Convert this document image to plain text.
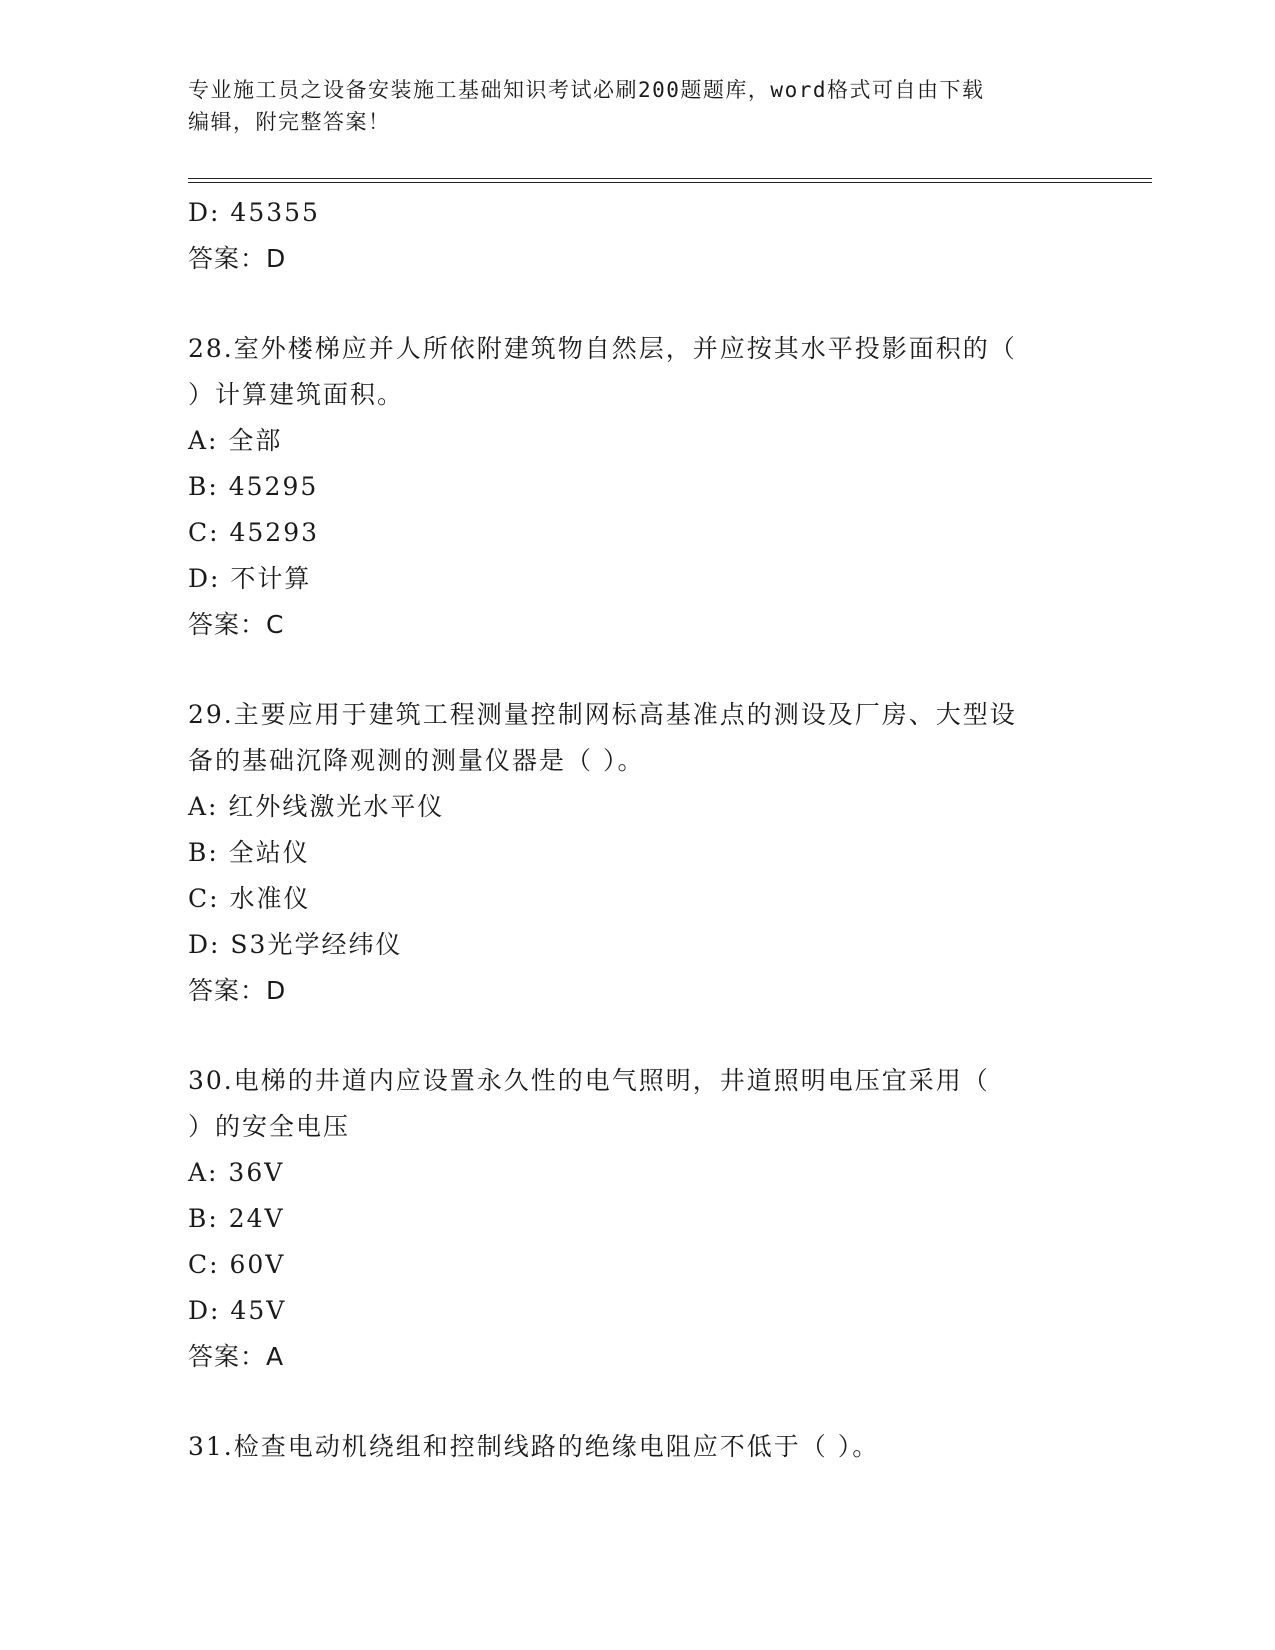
专业施工员之设备安装施工基础知识考试必刷200题题库，word格式可自由下载
编辑，附完整答案！
D: 45355
答案：D
28.室外楼梯应并人所依附建筑物自然层，并应按其水平投影面积的（
）计算建筑面积。
A: 全部
B: 45295
C: 45293
D: 不计算
答案：C
29.主要应用于建筑工程测量控制网标高基准点的测设及厂房、大型设
备的基础沉降观测的测量仪器是（ ）。
A: 红外线激光水平仪
B: 全站仪
C: 水准仪
D: S3光学经纬仪
答案：D
30.电梯的井道内应设置永久性的电气照明，井道照明电压宜采用（
）的安全电压
A: 36V
B: 24V
C: 60V
D: 45V
答案：A
31.检查电动机绕组和控制线路的绝缘电阻应不低于（ ）。
